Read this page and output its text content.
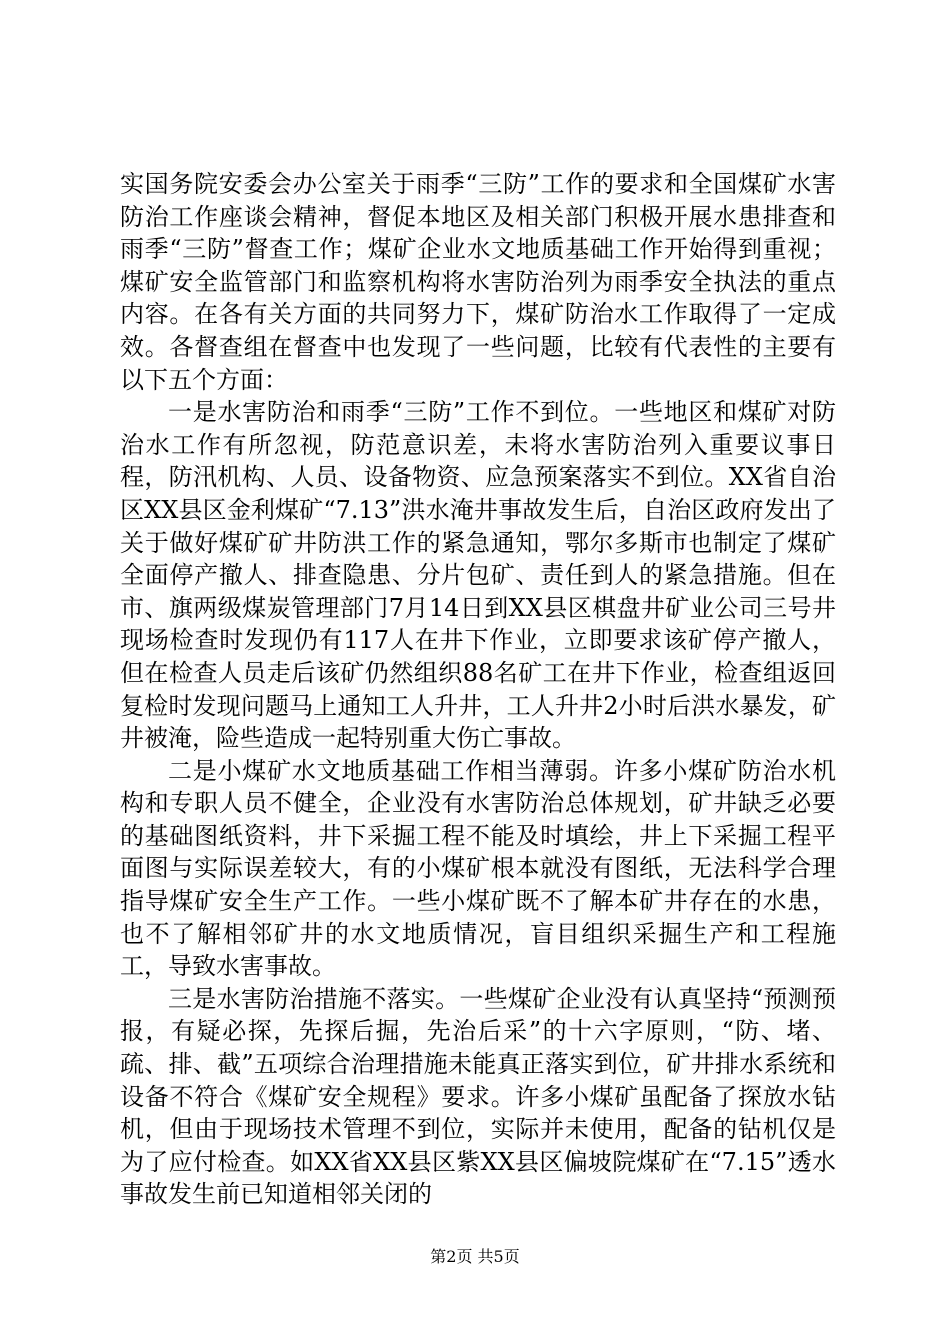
实国务院安委会办公室关于雨季“三防”工作的要求和全国煤矿水害防治工作座谈会精神，督促本地区及相关部门积极开展水患排查和雨季“三防”督查工作；煤矿企业水文地质基础工作开始得到重视；煤矿安全监管部门和监察机构将水害防治列为雨季安全执法的重点内容。在各有关方面的共同努力下，煤矿防治水工作取得了一定成效。各督查组在督查中也发现了一些问题，比较有代表性的主要有以下五个方面：

一是水害防治和雨季“三防”工作不到位。一些地区和煤矿对防治水工作有所忽视，防范意识差，未将水害防治列入重要议事日程，防汛机构、人员、设备物资、应急预案落实不到位。XX省自治区XX县区金利煤矿“7.13”洪水淹井事故发生后，自治区政府发出了关于做好煤矿矿井防洪工作的紧急通知，鄂尔多斯市也制定了煤矿全面停产撤人、排查隐患、分片包矿、责任到人的紧急措施。但在市、旗两级煤炭管理部门7月14日到XX县区棋盘井矿业公司三号井现场检查时发现仍有117人在井下作业，立即要求该矿停产撤人，但在检查人员走后该矿仍然组织88名矿工在井下作业，检查组返回复检时发现问题马上通知工人升井，工人升井2小时后洪水暴发，矿井被淹，险些造成一起特别重大伤亡事故。

二是小煤矿水文地质基础工作相当薄弱。许多小煤矿防治水机构和专职人员不健全，企业没有水害防治总体规划，矿井缺乏必要的基础图纸资料，井下采掘工程不能及时填绘，井上下采掘工程平面图与实际误差较大，有的小煤矿根本就没有图纸，无法科学合理指导煤矿安全生产工作。一些小煤矿既不了解本矿井存在的水患，也不了解相邻矿井的水文地质情况，盲目组织采掘生产和工程施工，导致水害事故。

三是水害防治措施不落实。一些煤矿企业没有认真坚持“预测预报，有疑必探，先探后掘，先治后采”的十六字原则，“防、堵、疏、排、截”五项综合治理措施未能真正落实到位，矿井排水系统和设备不符合《煤矿安全规程》要求。许多小煤矿虽配备了探放水钻机，但由于现场技术管理不到位，实际并未使用，配备的钻机仅是为了应付检查。如XX省XX县区紫XX县区偏坡院煤矿在“7.15”透水事故发生前已知道相邻关闭的

第2页 共5页
